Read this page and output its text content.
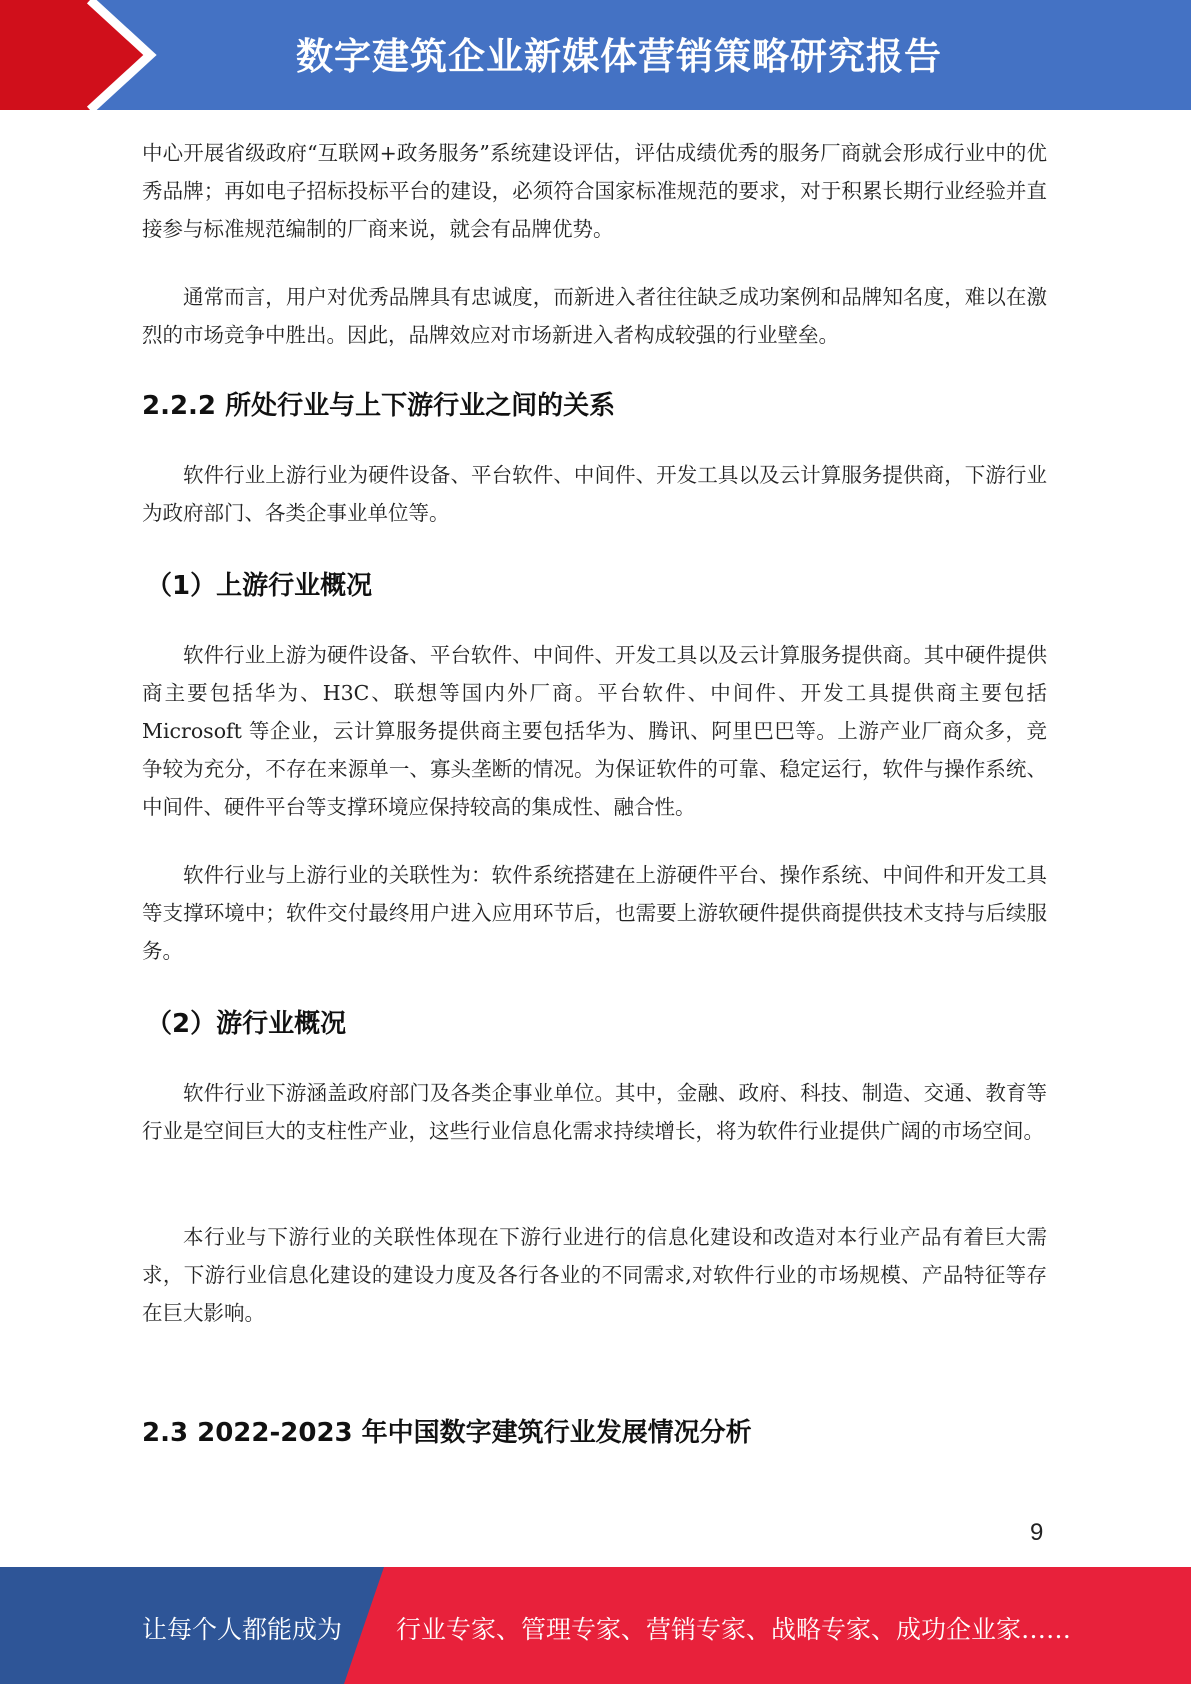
数字建筑企业新媒体营销策略研究报告

中心开展省级政府“互联网+政务服务”系统建设评估，评估成绩优秀的服务厂商就会形成行业中的优秀品牌；再如电子招标投标平台的建设，必须符合国家标准规范的要求，对于积累长期行业经验并直接参与标准规范编制的厂商来说，就会有品牌优势。

通常而言，用户对优秀品牌具有忠诚度，而新进入者往往缺乏成功案例和品牌知名度，难以在激烈的市场竞争中胜出。因此，品牌效应对市场新进入者构成较强的行业壁垒。

2.2.2 所处行业与上下游行业之间的关系

软件行业上游行业为硬件设备、平台软件、中间件、开发工具以及云计算服务提供商，下游行业为政府部门、各类企事业单位等。

（1）上游行业概况

软件行业上游为硬件设备、平台软件、中间件、开发工具以及云计算服务提供商。其中硬件提供商主要包括华为、H3C、联想等国内外厂商。平台软件、中间件、开发工具提供商主要包括 Microsoft 等企业，云计算服务提供商主要包括华为、腾讯、阿里巴巴等。上游产业厂商众多，竞争较为充分，不存在来源单一、寡头垄断的情况。为保证软件的可靠、稳定运行，软件与操作系统、中间件、硬件平台等支撑环境应保持较高的集成性、融合性。

软件行业与上游行业的关联性为：软件系统搭建在上游硬件平台、操作系统、中间件和开发工具等支撑环境中；软件交付最终用户进入应用环节后，也需要上游软硬件提供商提供技术支持与后续服务。

（2）游行业概况

软件行业下游涵盖政府部门及各类企事业单位。其中，金融、政府、科技、制造、交通、教育等行业是空间巨大的支柱性产业，这些行业信息化需求持续增长，将为软件行业提供广阔的市场空间。

本行业与下游行业的关联性体现在下游行业进行的信息化建设和改造对本行业产品有着巨大需求，下游行业信息化建设的建设力度及各行各业的不同需求,对软件行业的市场规模、产品特征等存在巨大影响。

2.3 2022-2023 年中国数字建筑行业发展情况分析
9
让每个人都能成为 行业专家、管理专家、营销专家、战略专家、成功企业家……
